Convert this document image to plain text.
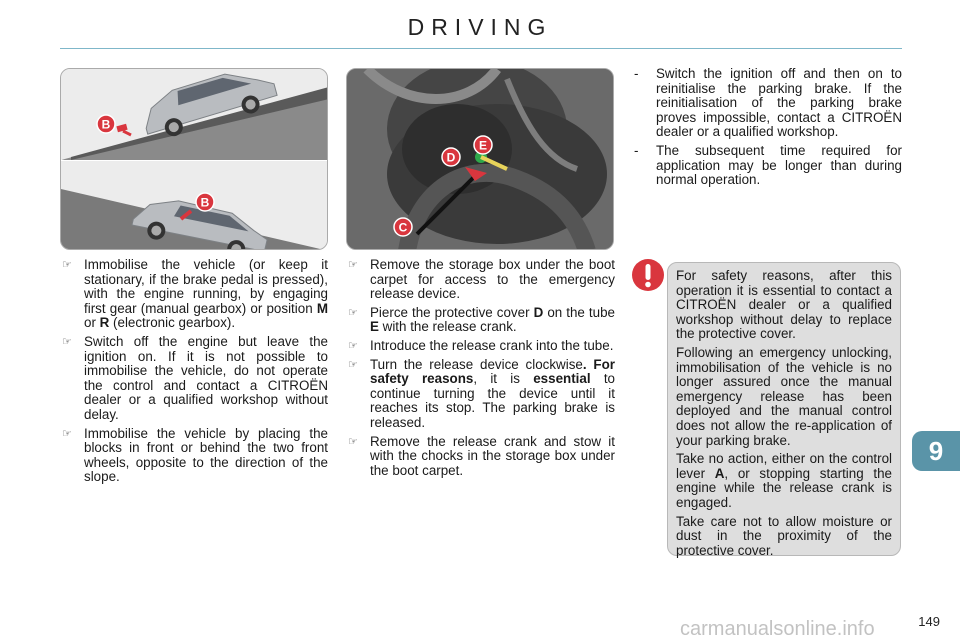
DRIVING
B
B
C
D
E
☞ Immobilise the vehicle (or keep it stationary, if the brake pedal is pressed), with the engine running, by engaging first gear (manual gearbox) or position M or R (electronic gearbox).
☞ Switch off the engine but leave the ignition on. If it is not possible to immobilise the vehicle, do not operate the control and contact a CITROËN dealer or a qualified workshop without delay.
☞ Immobilise the vehicle by placing the blocks in front or behind the two front wheels, opposite to the direction of the slope.
☞ Remove the storage box under the boot carpet for access to the emergency release device.
☞ Pierce the protective cover D on the tube E with the release crank.
☞ Introduce the release crank into the tube.
☞ Turn the release device clockwise. For safety reasons, it is essential to continue turning the device until it reaches its stop. The parking brake is released.
☞ Remove the release crank and stow it with the chocks in the storage box under the boot carpet.
- Switch the ignition off and then on to reinitialise the parking brake. If the reinitialisation of the parking brake proves impossible, contact a CITROËN dealer or a qualified workshop.
- The subsequent time required for application may be longer than during normal operation.

For safety reasons, after this operation it is essential to contact a CITROËN dealer or a qualified workshop without delay to replace the protective cover.

Following an emergency unlocking, immobilisation of the vehicle is no longer assured once the manual emergency release has been deployed and the manual control does not allow the re-application of your parking brake.

Take no action, either on the control lever A, or stopping starting the engine while the release crank is engaged.

Take care not to allow moisture or dust in the proximity of the protective cover.

9
149
carmanualsonline.info
